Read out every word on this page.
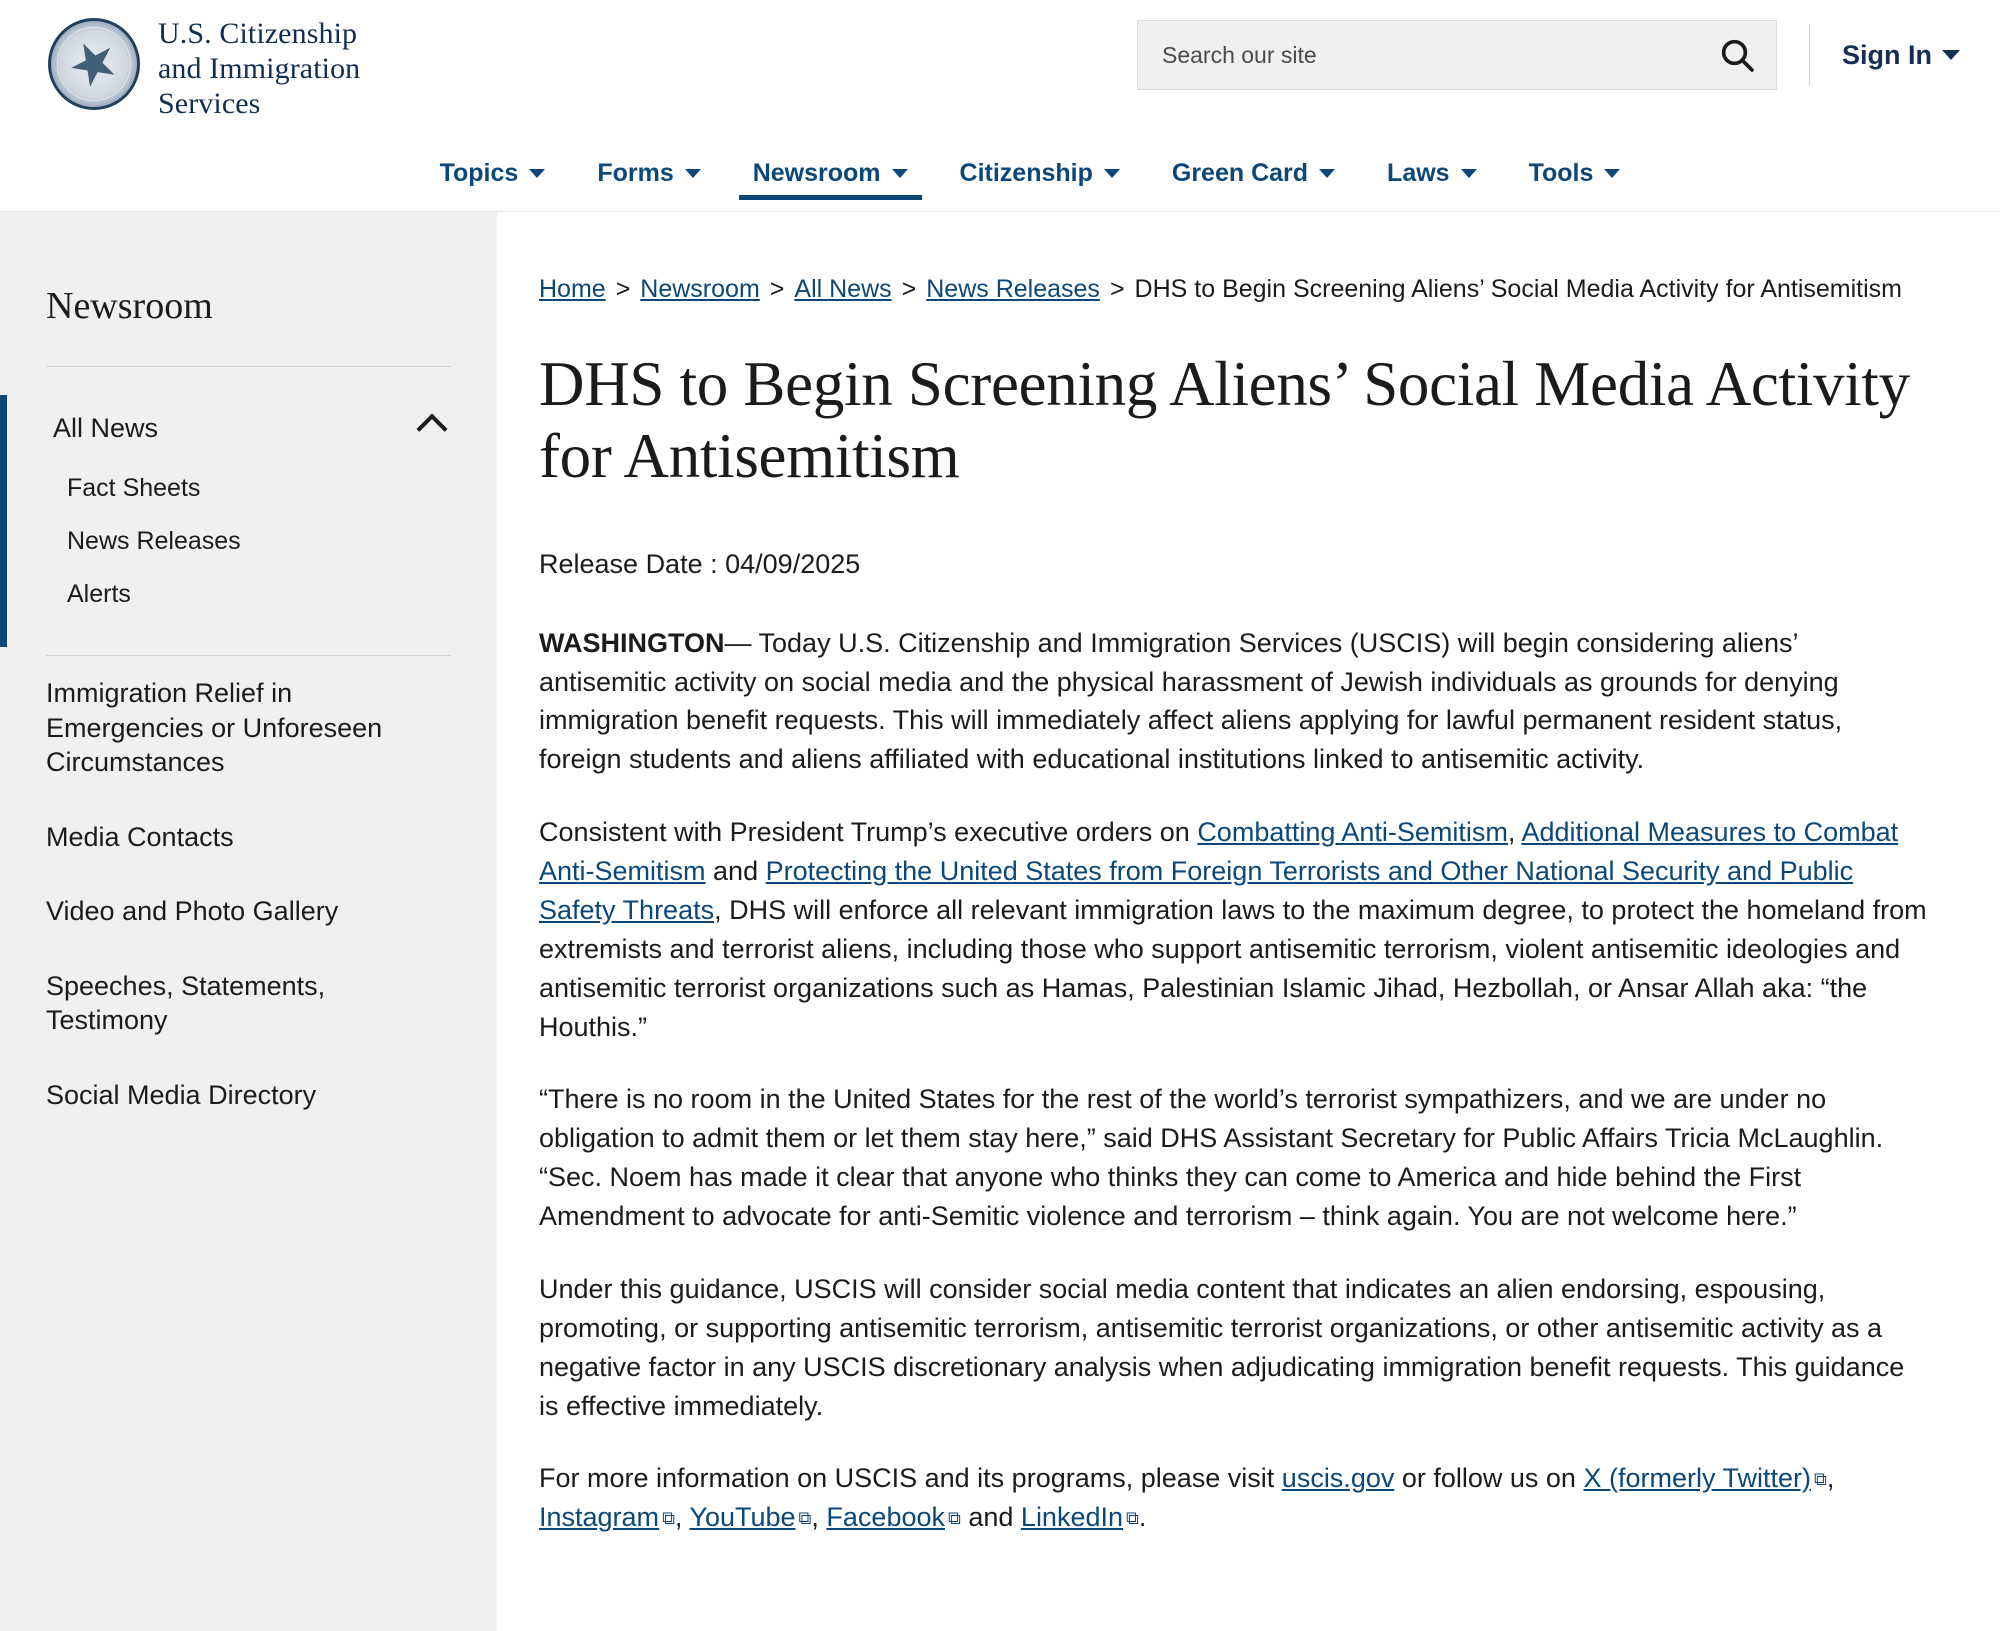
U.S. Citizenship
and Immigration
Services
Search our site
Sign In
Topics	Forms	Newsroom	Citizenship	Green Card	Laws	Tools
Newsroom
All News
Fact Sheets
News Releases
Alerts
Immigration Relief in Emergencies or Unforeseen Circumstances
Media Contacts
Video and Photo Gallery
Speeches, Statements, Testimony
Social Media Directory
Home > Newsroom > All News > News Releases > DHS to Begin Screening Aliens’ Social Media Activity for Antisemitism
DHS to Begin Screening Aliens’ Social Media Activity for Antisemitism
Release Date : 04/09/2025

WASHINGTON— Today U.S. Citizenship and Immigration Services (USCIS) will begin considering aliens’ antisemitic activity on social media and the physical harassment of Jewish individuals as grounds for denying immigration benefit requests. This will immediately affect aliens applying for lawful permanent resident status, foreign students and aliens affiliated with educational institutions linked to antisemitic activity.

Consistent with President Trump’s executive orders on Combatting Anti-Semitism, Additional Measures to Combat Anti-Semitism and Protecting the United States from Foreign Terrorists and Other National Security and Public Safety Threats, DHS will enforce all relevant immigration laws to the maximum degree, to protect the homeland from extremists and terrorist aliens, including those who support antisemitic terrorism, violent antisemitic ideologies and antisemitic terrorist organizations such as Hamas, Palestinian Islamic Jihad, Hezbollah, or Ansar Allah aka: “the Houthis.”

“There is no room in the United States for the rest of the world’s terrorist sympathizers, and we are under no obligation to admit them or let them stay here,” said DHS Assistant Secretary for Public Affairs Tricia McLaughlin. “Sec. Noem has made it clear that anyone who thinks they can come to America and hide behind the First Amendment to advocate for anti-Semitic violence and terrorism – think again. You are not welcome here.”

Under this guidance, USCIS will consider social media content that indicates an alien endorsing, espousing, promoting, or supporting antisemitic terrorism, antisemitic terrorist organizations, or other antisemitic activity as a negative factor in any USCIS discretionary analysis when adjudicating immigration benefit requests. This guidance is effective immediately.

For more information on USCIS and its programs, please visit uscis.gov or follow us on X (formerly Twitter) ⧉ , Instagram ⧉ , YouTube ⧉ , Facebook ⧉ and LinkedIn ⧉ .
